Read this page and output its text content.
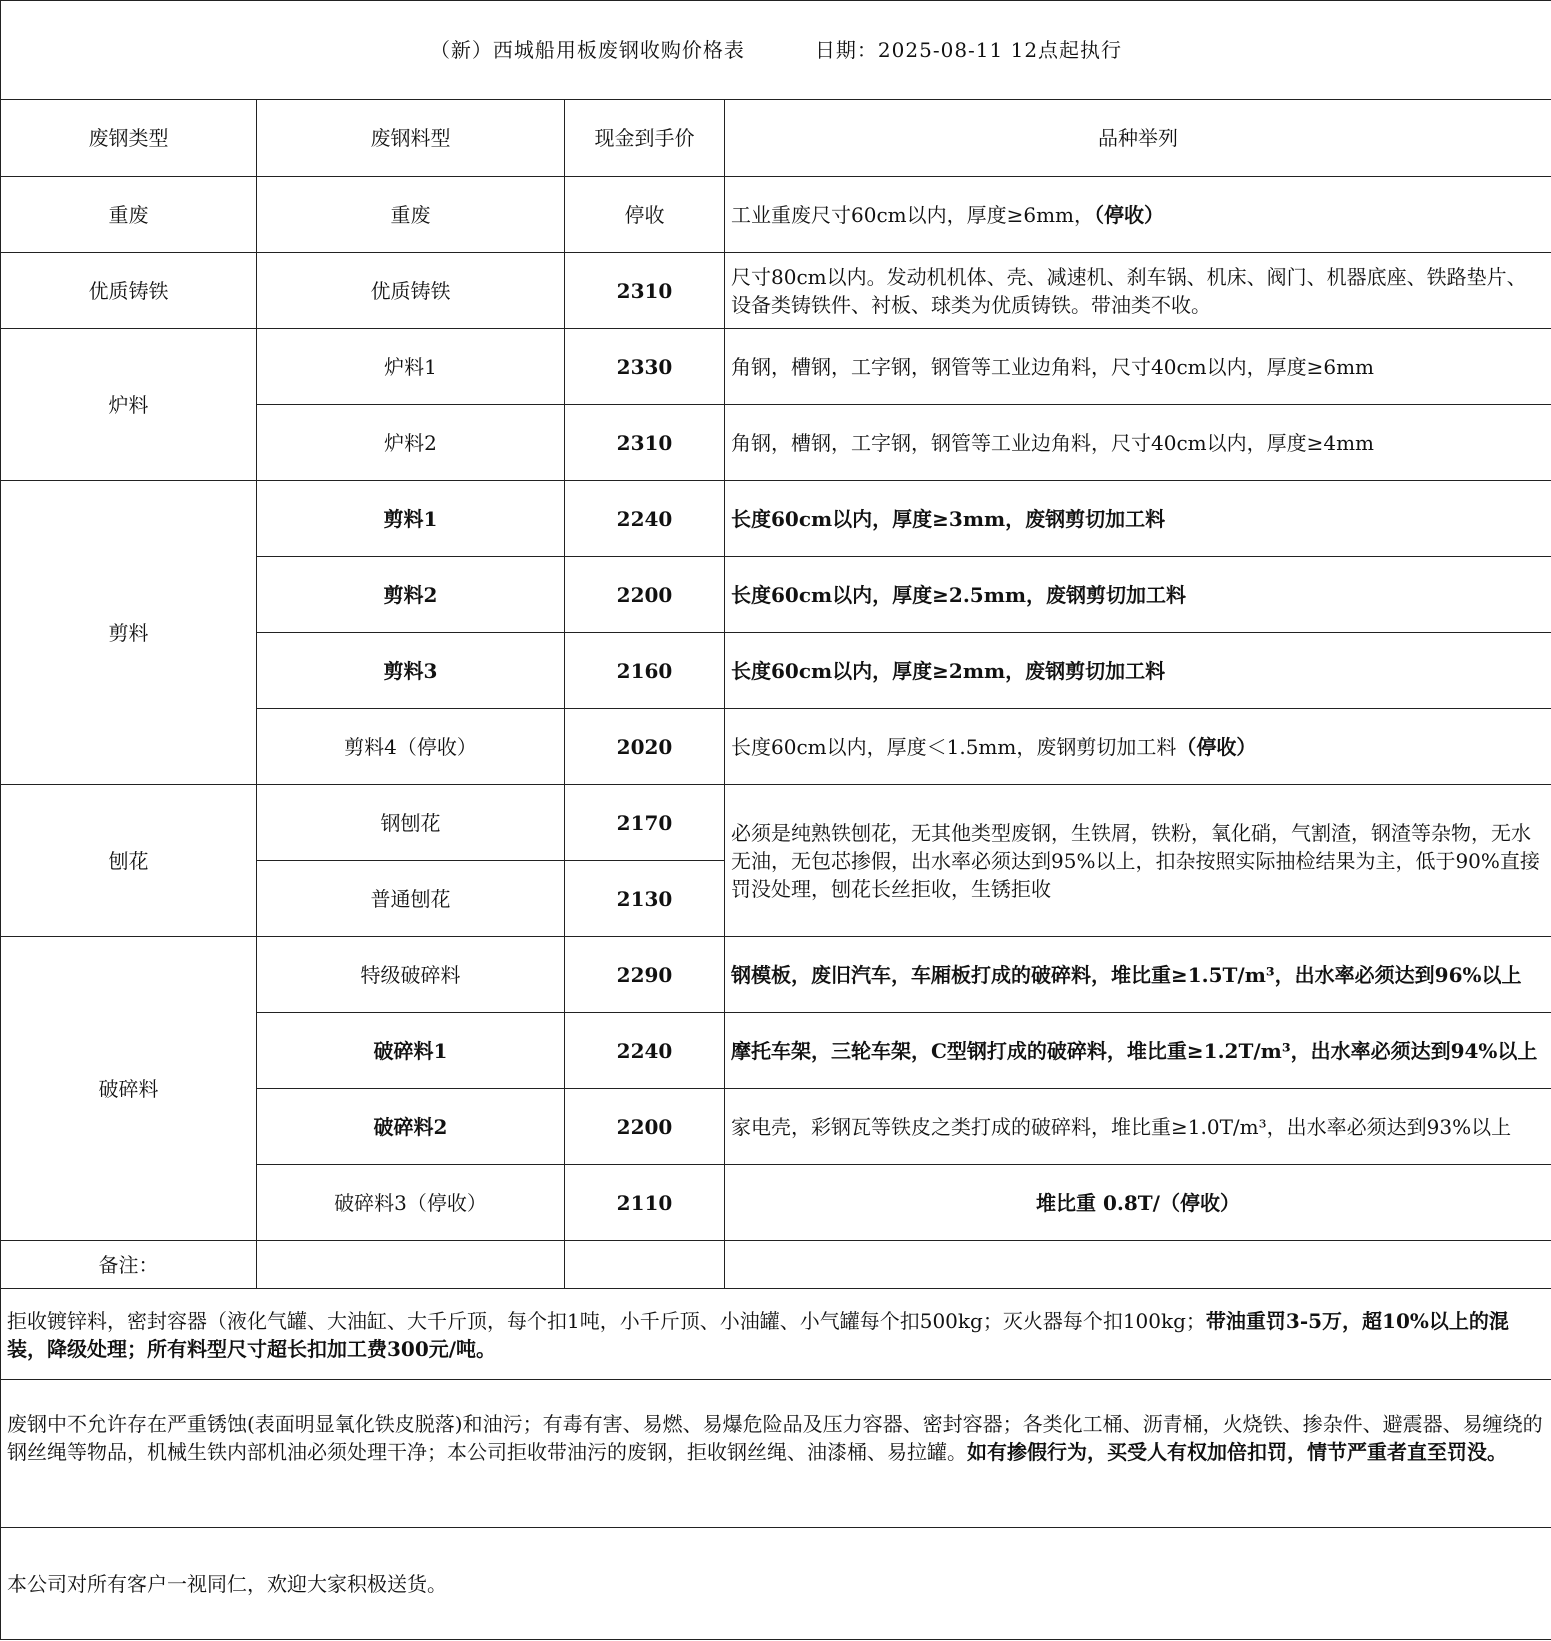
（新）西城船用板废钢收购价格表 日期：2025-08-11 12点起执行			
废钢类型	废钢料型	现金到手价	品种举列
重废	重废	停收	工业重废尺寸60cm以内，厚度≥6mm，（停收）
优质铸铁	优质铸铁	2310	尺寸80cm以内。发动机机体、壳、减速机、刹车锅、机床、阀门、机器底座、铁路垫片、设备类铸铁件、衬板、球类为优质铸铁。带油类不收。
炉料	炉料1	2330	角钢，槽钢，工字钢，钢管等工业边角料，尺寸40cm以内，厚度≥6mm
	炉料2	2310	角钢，槽钢，工字钢，钢管等工业边角料，尺寸40cm以内，厚度≥4mm
剪料	剪料1	2240	长度60cm以内，厚度≥3mm，废钢剪切加工料
	剪料2	2200	长度60cm以内，厚度≥2.5mm，废钢剪切加工料
	剪料3	2160	长度60cm以内，厚度≥2mm，废钢剪切加工料
	剪料4（停收）	2020	长度60cm以内，厚度＜1.5mm，废钢剪切加工料（停收）
刨花	钢刨花	2170	必须是纯熟铁刨花，无其他类型废钢，生铁屑，铁粉，氧化硝，气割渣，钢渣等杂物，无水无油，无包芯掺假，出水率必须达到95%以上，扣杂按照实际抽检结果为主，低于90%直接罚没处理，刨花长丝拒收，生锈拒收
	普通刨花	2130	
破碎料	特级破碎料	2290	钢模板，废旧汽车，车厢板打成的破碎料，堆比重≥1.5T/m³，出水率必须达到96%以上
	破碎料1	2240	摩托车架，三轮车架，C型钢打成的破碎料，堆比重≥1.2T/m³，出水率必须达到94%以上
	破碎料2	2200	家电壳，彩钢瓦等铁皮之类打成的破碎料，堆比重≥1.0T/m³，出水率必须达到93%以上
	破碎料3（停收）	2110	堆比重 0.8T/（停收）
备注：			
拒收镀锌料，密封容器（液化气罐、大油缸、大千斤顶，每个扣1吨，小千斤顶、小油罐、小气罐每个扣500kg；灭火器每个扣100kg；带油重罚3-5万，超10%以上的混装，降级处理；所有料型尺寸超长扣加工费300元/吨。			
废钢中不允许存在严重锈蚀(表面明显氧化铁皮脱落)和油污；有毒有害、易燃、易爆危险品及压力容器、密封容器；各类化工桶、沥青桶，火烧铁、掺杂件、避震器、易缠绕的钢丝绳等物品，机械生铁内部机油必须处理干净；本公司拒收带油污的废钢，拒收钢丝绳、油漆桶、易拉罐。如有掺假行为，买受人有权加倍扣罚，情节严重者直至罚没。			
本公司对所有客户一视同仁，欢迎大家积极送货。			
